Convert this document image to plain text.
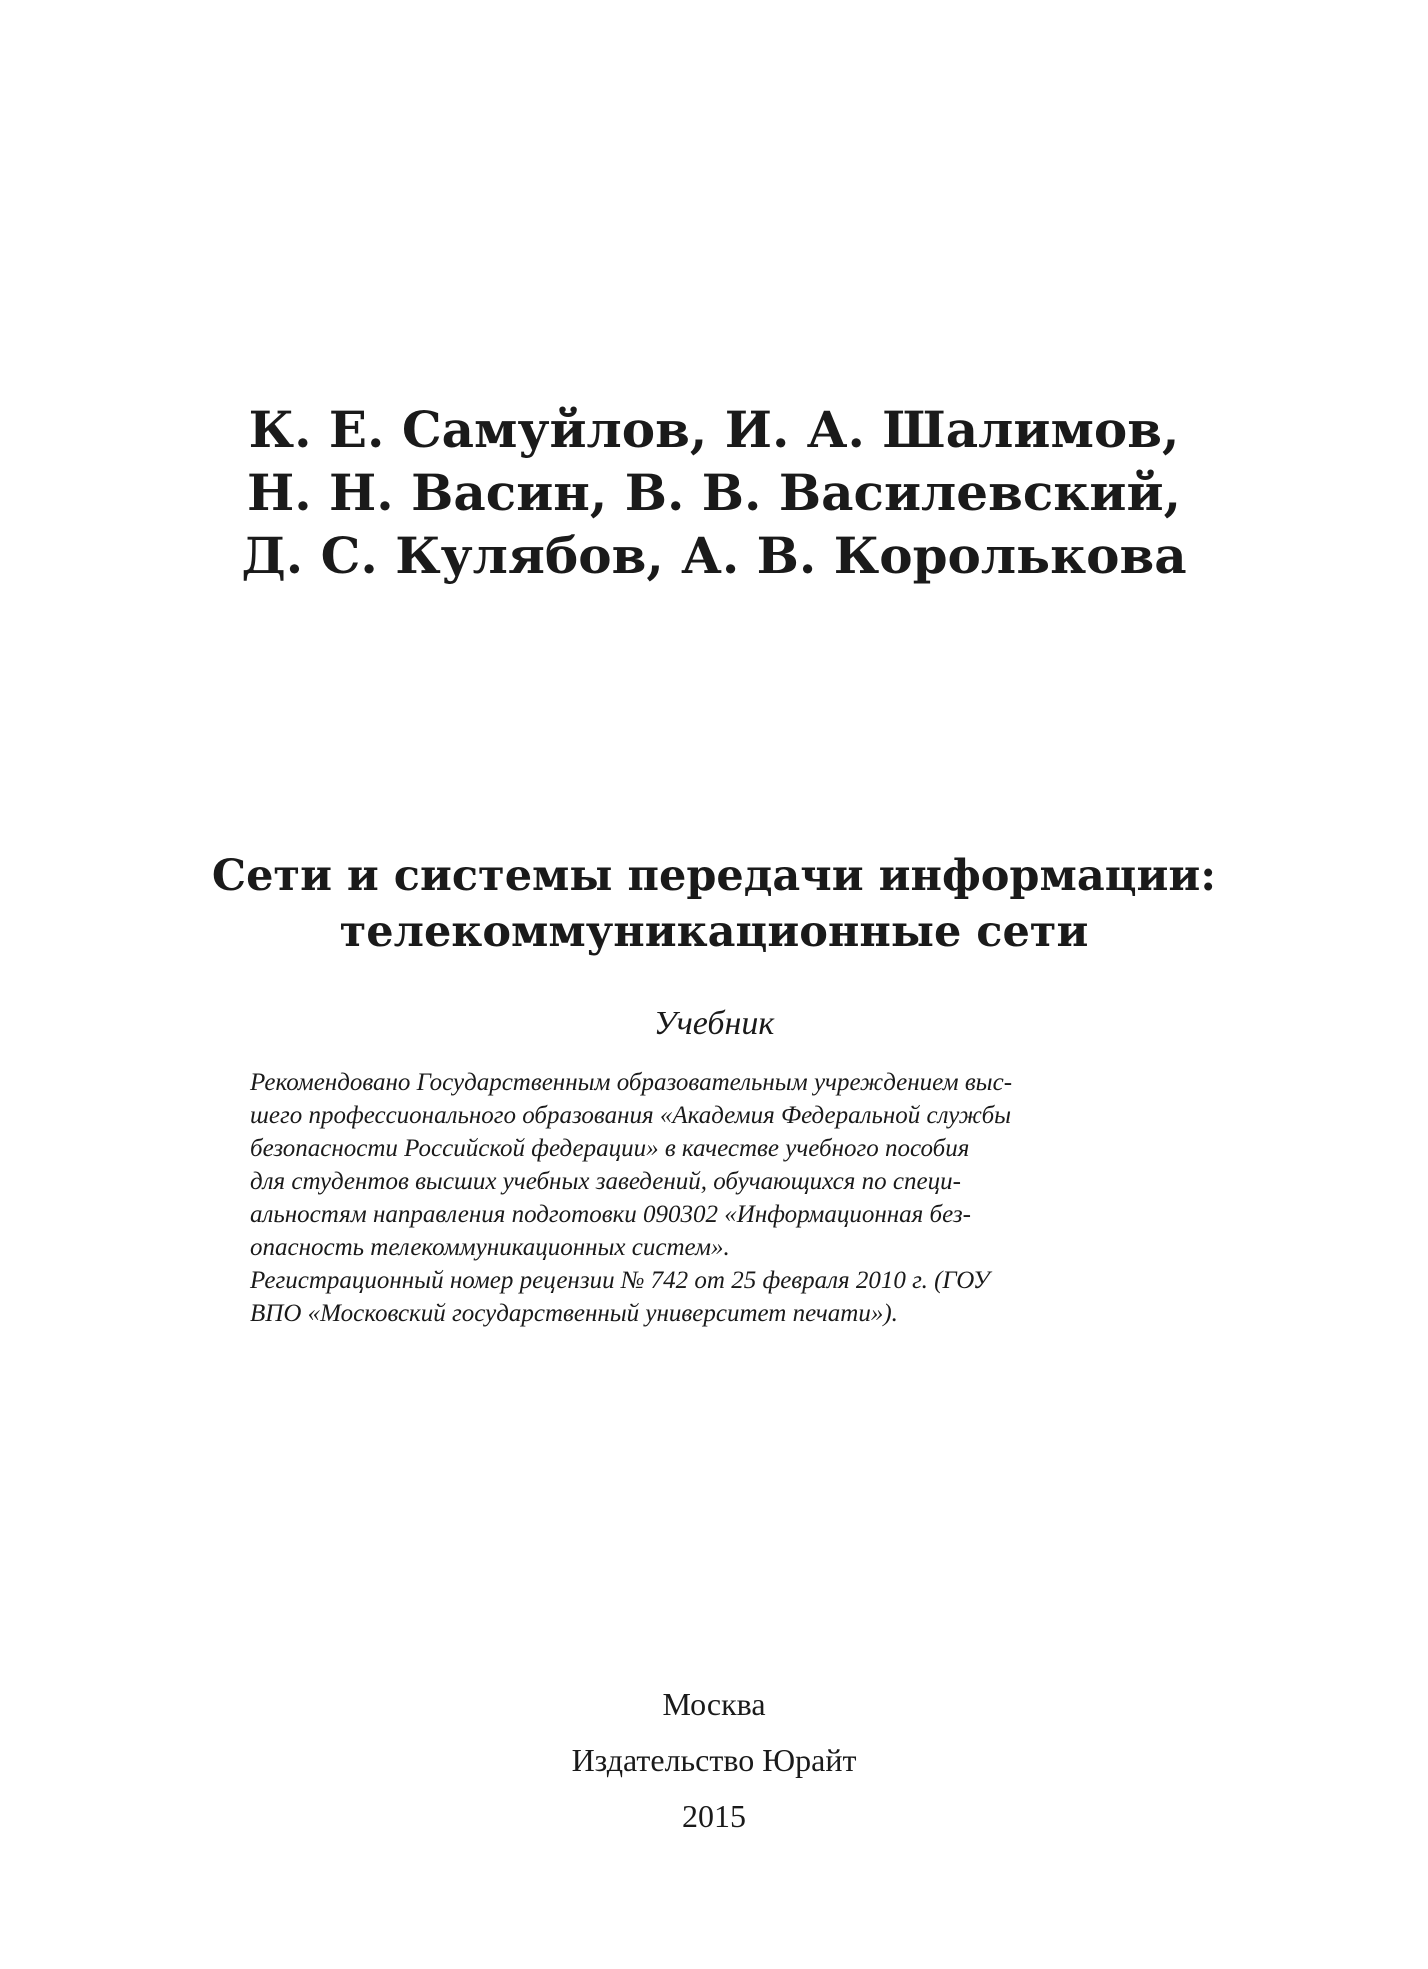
К. Е. Самуйлов, И. А. Шалимов,
Н. Н. Васин, В. В. Василевский,
Д. С. Кулябов, А. В. Королькова
Сети и системы передачи информации:
телекоммуникационные сети
Учебник
Рекомендовано Государственным образовательным учреждением выс-
шего профессионального образования «Академия Федеральной службы
безопасности Российской федерации» в качестве учебного пособия
для студентов высших учебных заведений, обучающихся по специ-
альностям направления подготовки 090302 «Информационная без-
опасность телекоммуникационных систем».
Регистрационный номер рецензии № 742 от 25 февраля 2010 г. (ГОУ
ВПО «Московский государственный университет печати»).
Москва
Издательство Юрайт
2015
